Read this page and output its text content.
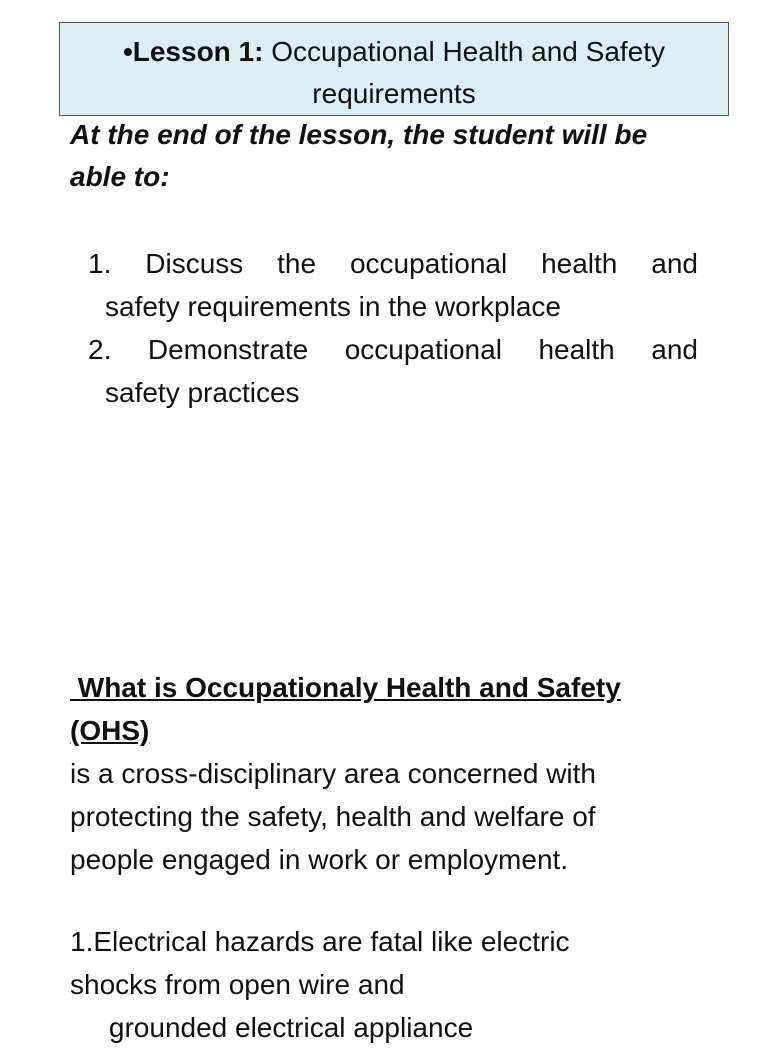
•Lesson 1: Occupational Health and Safety
requirements
At the end of the lesson, the student will be
able to:
1. Discuss the occupational health and
safety requirements in the workplace
2. Demonstrate occupational health and
safety practices
What is Occupationaly Health and Safety
(OHS)
is a cross-disciplinary area concerned with
protecting the safety, health and welfare of
people engaged in work or employment.
1.Electrical hazards are fatal like electric
shocks from open wire and
grounded electrical appliance
